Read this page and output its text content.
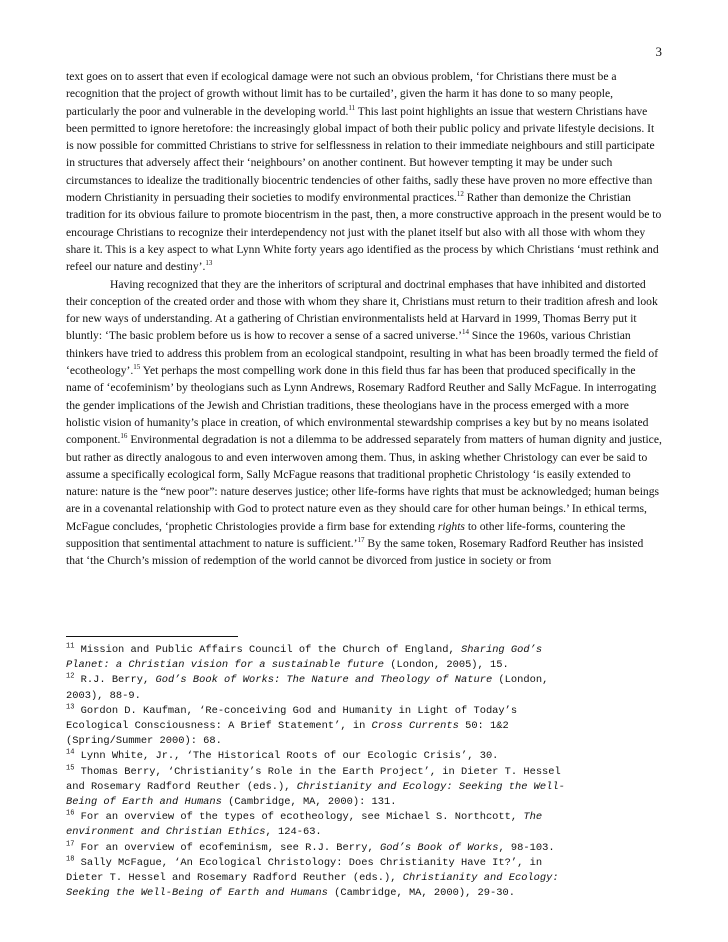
3

text goes on to assert that even if ecological damage were not such an obvious problem, ‘for Christians there must be a recognition that the project of growth without limit has to be curtailed’, given the harm it has done to so many people, particularly the poor and vulnerable in the developing world.$^{11}$ This last point highlights an issue that western Christians have been permitted to ignore heretofore: the increasingly global impact of both their public policy and private lifestyle decisions. It is now possible for committed Christians to strive for selflessness in relation to their immediate neighbours and still participate in structures that adversely affect their ‘neighbours’ on another continent. But however tempting it may be under such circumstances to idealize the traditionally biocentric tendencies of other faiths, sadly these have proven no more effective than modern Christianity in persuading their societies to modify environmental practices.$^{12}$ Rather than demonize the Christian tradition for its obvious failure to promote biocentrism in the past, then, a more constructive approach in the present would be to encourage Christians to recognize their interdependency not just with the planet itself but also with all those with whom they share it. This is a key aspect to what Lynn White forty years ago identified as the process by which Christians ‘must rethink and refeel our nature and destiny’.$^{13}$

Having recognized that they are the inheritors of scriptural and doctrinal emphases that have inhibited and distorted their conception of the created order and those with whom they share it, Christians must return to their tradition afresh and look for new ways of understanding. At a gathering of Christian environmentalists held at Harvard in 1999, Thomas Berry put it bluntly: ‘The basic problem before us is how to recover a sense of a sacred universe.’$^{14}$ Since the 1960s, various Christian thinkers have tried to address this problem from an ecological standpoint, resulting in what has been broadly termed the field of ‘ecotheology’.$^{15}$ Yet perhaps the most compelling work done in this field thus far has been that produced specifically in the name of ‘ecofeminism’ by theologians such as Lynn Andrews, Rosemary Radford Reuther and Sally McFague. In interrogating the gender implications of the Jewish and Christian traditions, these theologians have in the process emerged with a more holistic vision of humanity’s place in creation, of which environmental stewardship comprises a key but by no means isolated component.$^{16}$ Environmental degradation is not a dilemma to be addressed separately from matters of human dignity and justice, but rather as directly analogous to and even interwoven among them. Thus, in asking whether Christology can ever be said to assume a specifically ecological form, Sally McFague reasons that traditional prophetic Christology ‘is easily extended to nature: nature is the “new poor”: nature deserves justice; other life-forms have rights that must be acknowledged; human beings are in a covenantal relationship with God to protect nature even as they should care for other human beings.’ In ethical terms, McFague concludes, ‘prophetic Christologies provide a firm base for extending rights to other life-forms, countering the supposition that sentimental attachment to nature is sufficient.’$^{17}$ By the same token, Rosemary Radford Reuther has insisted that ‘the Church’s mission of redemption of the world cannot be divorced from justice in society or from

$^{11}$ Mission and Public Affairs Council of the Church of England, Sharing God’s
Planet: a Christian vision for a sustainable future (London, 2005), 15.
$^{12}$ R.J. Berry, God’s Book of Works: The Nature and Theology of Nature (London,
2003), 88-9.
$^{13}$ Gordon D. Kaufman, ‘Re-conceiving God and Humanity in Light of Today’s
Ecological Consciousness: A Brief Statement’, in Cross Currents 50: 1&2
(Spring/Summer 2000): 68.
$^{14}$ Lynn White, Jr., ‘The Historical Roots of our Ecologic Crisis’, 30.
$^{15}$ Thomas Berry, ‘Christianity’s Role in the Earth Project’, in Dieter T. Hessel
and Rosemary Radford Reuther (eds.), Christianity and Ecology: Seeking the Well-
Being of Earth and Humans (Cambridge, MA, 2000): 131.
$^{16}$ For an overview of the types of ecotheology, see Michael S. Northcott, The
environment and Christian Ethics, 124-63.
$^{17}$ For an overview of ecofeminism, see R.J. Berry, God’s Book of Works, 98-103.
$^{18}$ Sally McFague, ‘An Ecological Christology: Does Christianity Have It?’, in
Dieter T. Hessel and Rosemary Radford Reuther (eds.), Christianity and Ecology:
Seeking the Well-Being of Earth and Humans (Cambridge, MA, 2000), 29-30.
